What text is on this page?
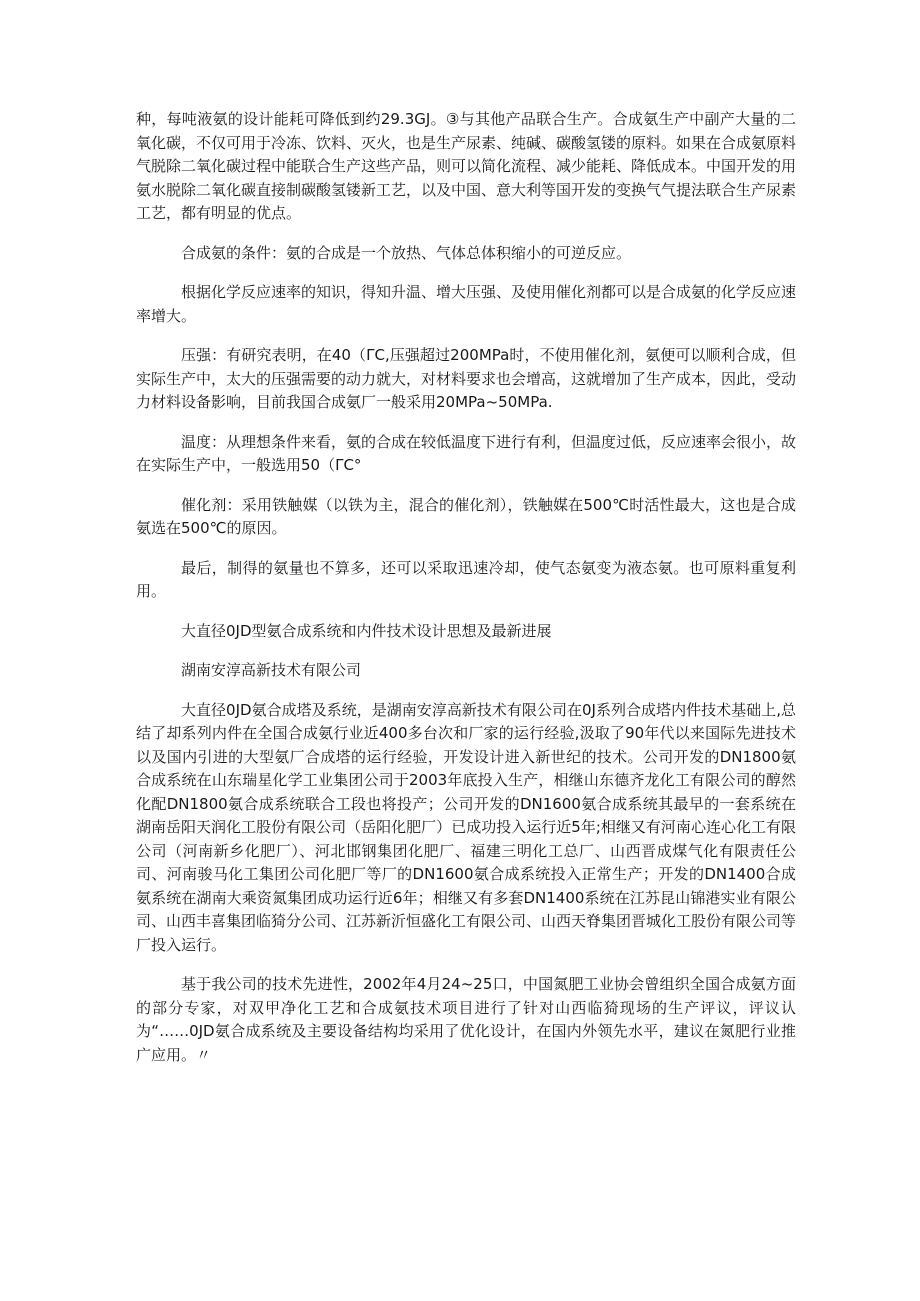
种，每吨液氨的设计能耗可降低到约29.3GJ。③与其他产品联合生产。合成氨生产中副产大量的二氧化碳，不仅可用于冷冻、饮料、灭火，也是生产尿素、纯碱、碳酸氢镂的原料。如果在合成氨原料气脱除二氧化碳过程中能联合生产这些产品，则可以简化流程、减少能耗、降低成本。中国开发的用氨水脱除二氧化碳直接制碳酸氢镂新工艺，以及中国、意大利等国开发的变换气气提法联合生产尿素工艺，都有明显的优点。

合成氨的条件：氨的合成是一个放热、气体总体积缩小的可逆反应。

根据化学反应速率的知识，得知升温、增大压强、及使用催化剂都可以是合成氨的化学反应速率增大。

压强：有研究表明，在40（ΓC,压强超过200MPa时，不使用催化剂，氨便可以顺利合成，但实际生产中，太大的压强需要的动力就大，对材料要求也会增高，这就增加了生产成本，因此，受动力材料设备影响，目前我国合成氨厂一般采用20MPa~50MPa.

温度：从理想条件来看，氨的合成在较低温度下进行有利，但温度过低，反应速率会很小，故在实际生产中，一般选用50（ΓC°

催化剂：采用铁触媒（以铁为主，混合的催化剂），铁触媒在500℃时活性最大，这也是合成氨选在500℃的原因。

最后，制得的氨量也不算多，还可以采取迅速冷却，使气态氨变为液态氨。也可原料重复利用。

大直径0JD型氨合成系统和内件技术设计思想及最新进展

湖南安淳高新技术有限公司

大直径0JD氨合成塔及系统，是湖南安淳高新技术有限公司在0J系列合成塔内件技术基础上,总结了却系列内件在全国合成氨行业近400多台次和厂家的运行经验,汲取了90年代以来国际先进技术以及国内引进的大型氨厂合成塔的运行经验，开发设计进入新世纪的技术。公司开发的DN1800氨合成系统在山东瑞星化学工业集团公司于2003年底投入生产，相继山东德齐龙化工有限公司的醇然化配DN1800氨合成系统联合工段也将投产；公司开发的DN1600氨合成系统其最早的一套系统在湖南岳阳天润化工股份有限公司（岳阳化肥厂）已成功投入运行近5年;相继又有河南心连心化工有限公司（河南新乡化肥厂）、河北邯钢集团化肥厂、福建三明化工总厂、山西晋成煤气化有限责任公司、河南骏马化工集团公司化肥厂等厂的DN1600氨合成系统投入正常生产；开发的DN1400合成氨系统在湖南大乘资氮集团成功运行近6年；相继又有多套DN1400系统在江苏昆山锦港实业有限公司、山西丰喜集团临猗分公司、江苏新沂恒盛化工有限公司、山西天脊集团晋城化工股份有限公司等厂投入运行。

基于我公司的技术先进性，2002年4月24~25口，中国氮肥工业协会曾组织全国合成氨方面的部分专家，对双甲净化工艺和合成氨技术项目进行了针对山西临猗现场的生产评议，评议认为“……0JD氨合成系统及主要设备结构均采用了优化设计，在国内外领先水平，建议在氮肥行业推广应用。〃
